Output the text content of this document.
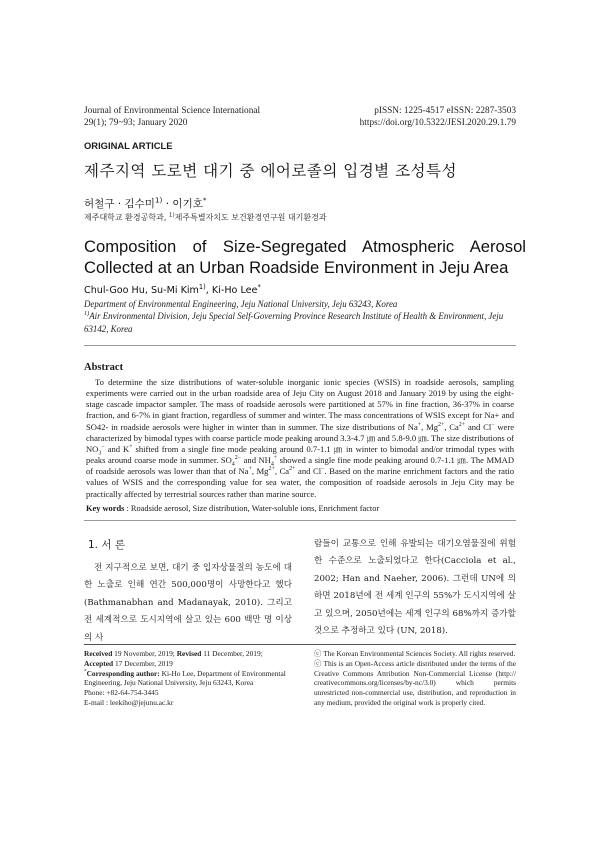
Journal of Environmental Science International
29(1); 79~93; January 2020
pISSN: 1225-4517 eISSN: 2287-3503
https://doi.org/10.5322/JESI.2020.29.1.79
ORIGINAL ARTICLE
제주지역 도로변 대기 중 에어로졸의 입경별 조성특성
허철구 · 김수미$^{1)}$ · 이기호*
제주대학교 환경공학과, $^{1)}$제주특별자치도 보건환경연구원 대기환경과
Composition of Size-Segregated Atmospheric Aerosol Collected at an Urban Roadside Environment in Jeju Area
Chul-Goo Hu, Su-Mi Kim$^{1)}$, Ki-Ho Lee*
Department of Environmental Engineering, Jeju National University, Jeju 63243, Korea
$^{1)}$Air Environmental Division, Jeju Special Self-Governing Province Research Institute of Health & Environment, Jeju 63142, Korea
Abstract

To determine the size distributions of water-soluble inorganic ionic species (WSIS) in roadside aerosols, sampling experiments were carried out in the urban roadside area of Jeju City on August 2018 and January 2019 by using the eight-stage cascade impactor sampler. The mass of roadside aerosols were partitioned at 57% in fine fraction, 36-37% in coarse fraction, and 6-7% in giant fraction, regardless of summer and winter. The mass concentrations of WSIS except for Na+ and SO42- in roadside aerosols were higher in winter than in summer. The size distributions of Na+, $Mg^{2+}$, $Ca^{2+}$ and Cl− were characterized by bimodal types with coarse particle mode peaking around 3.3-4.7 ㎛ and 5.8-9.0 ㎛. The size distributions of $NO_3^-$ and K+ shifted from a single fine mode peaking around 0.7-1.1 ㎛ in winter to bimodal and/or trimodal types with peaks around coarse mode in summer. $SO_4^{2-}$ and $NH_4^+$ showed a single fine mode peaking around 0.7-1.1 ㎛. The MMAD of roadside aerosols was lower than that of Na+, $Mg^{2+}$, $Ca^{2+}$ and Cl−. Based on the marine enrichment factors and the ratio values of WSIS and the corresponding value for sea water, the composition of roadside aerosols in Jeju City may be practically affected by terrestrial sources rather than marine source.

Key words : Roadside aerosol, Size distribution, Water-soluble ions, Enrichment factor
1. 서 론

전 지구적으로 보면, 대기 중 입자상물질의 농도에 대한 노출로 인해 연간 500,000명이 사망한다고 했다 (Bathmanabhan and Madanayak, 2010). 그리고 전 세계적으로 도시지역에 살고 있는 600 백만 명 이상의 사

람들이 교통으로 인해 유발되는 대기오염물질에 위험한 수준으로 노출되었다고 한다(Cacciola et al., 2002; Han and Naeher, 2006). 그런데 UN에 의하면 2018년에 전 세계 인구의 55%가 도시지역에 살고 있으며, 2050년에는 세계 인구의 68%까지 증가할 것으로 추정하고 있다 (UN, 2018).

Received 19 November, 2019; Revised 11 December, 2019;
Accepted 17 December, 2019
*Corresponding author: Ki-Ho Lee, Department of Environmental Engineering, Jeju National University, Jeju 63243, Korea
Phone: +82-64-754-3445
E-mail : leekiho@jejunu.ac.kr
ⓒ The Korean Environmental Sciences Society. All rights reserved.
ⓒ This is an Open-Access article distributed under the terms of the Creative Commons Attribution Non-Commercial License (http:// creativecommons.org/licenses/by-nc/3.0) which permits unrestricted non-commercial use, distribution, and reproduction in any medium, provided the original work is properly cited.
